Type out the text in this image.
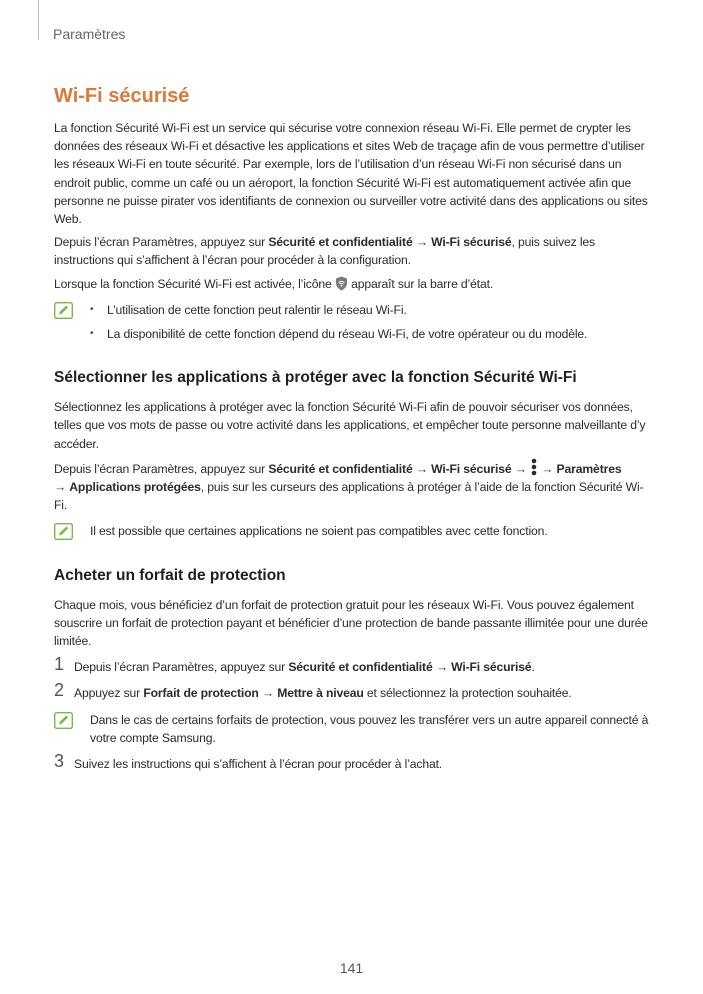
Paramètres
Wi-Fi sécurisé

La fonction Sécurité Wi-Fi est un service qui sécurise votre connexion réseau Wi-Fi. Elle permet de crypter les données des réseaux Wi-Fi et désactive les applications et sites Web de traçage afin de vous permettre d’utiliser les réseaux Wi-Fi en toute sécurité. Par exemple, lors de l’utilisation d’un réseau Wi-Fi non sécurisé dans un endroit public, comme un café ou un aéroport, la fonction Sécurité Wi-Fi est automatiquement activée afin que personne ne puisse pirater vos identifiants de connexion ou surveiller votre activité dans des applications ou sites Web.

Depuis l’écran Paramètres, appuyez sur Sécurité et confidentialité → Wi-Fi sécurisé, puis suivez les instructions qui s’affichent à l’écran pour procéder à la configuration.

Lorsque la fonction Sécurité Wi-Fi est activée, l’icône  apparaît sur la barre d’état.

• L’utilisation de cette fonction peut ralentir le réseau Wi-Fi.
• La disponibilité de cette fonction dépend du réseau Wi-Fi, de votre opérateur ou du modèle.
Sélectionner les applications à protéger avec la fonction Sécurité Wi-Fi

Sélectionnez les applications à protéger avec la fonction Sécurité Wi-Fi afin de pouvoir sécuriser vos données, telles que vos mots de passe ou votre activité dans les applications, et empêcher toute personne malveillante d’y accéder.

Depuis l’écran Paramètres, appuyez sur Sécurité et confidentialité → Wi-Fi sécurisé →  → Paramètres
→ Applications protégées, puis sur les curseurs des applications à protéger à l’aide de la fonction Sécurité Wi-Fi.

Il est possible que certaines applications ne soient pas compatibles avec cette fonction.

Acheter un forfait de protection

Chaque mois, vous bénéficiez d’un forfait de protection gratuit pour les réseaux Wi-Fi. Vous pouvez également souscrire un forfait de protection payant et bénéficier d’une protection de bande passante illimitée pour une durée limitée.

1 Depuis l’écran Paramètres, appuyez sur Sécurité et confidentialité → Wi-Fi sécurisé.
2 Appuyez sur Forfait de protection → Mettre à niveau et sélectionnez la protection souhaitée.

Dans le cas de certains forfaits de protection, vous pouvez les transférer vers un autre appareil connecté à votre compte Samsung.

3 Suivez les instructions qui s’affichent à l’écran pour procéder à l’achat.
141
